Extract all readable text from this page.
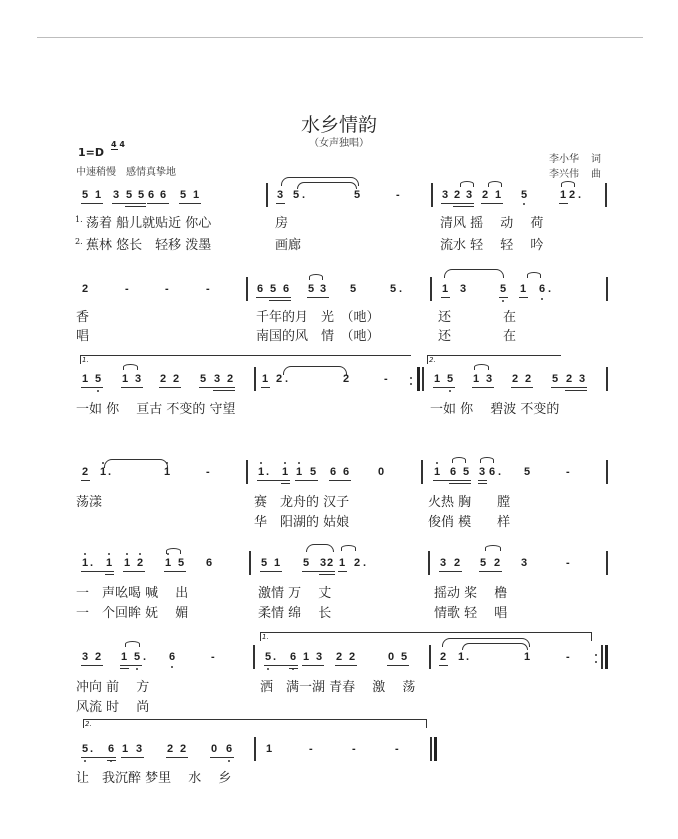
水乡情韵
（女声独唱）
1=D
4 4
中速稍慢　感情真挚地
李小华 词
李兴伟 曲
5 1 3 5 5 6 6 5 1	3 5 .	5	-	3 2 3 2 1 5	1 2 .
1. 荡着 船儿就贴近 你心	房	清风 摇　 动　 荷
2. 蕉林 悠长　轻移 泼墨	画廊	流水 轻　 轻　 吟
2	-	-	-	6 5 6 5 3 5	5 .	1 3	5 1 6 .
香	千年的月　光　（吔）	还　　　　在
唱	南国的风　情　（吔）	还　　　　在
1.	2.
1 5 1 3 2 2 5 3 2	1 2 .	2	-	1 5 1 3 2 2 5 2 3
一如 你　 亘古 不变的 守望	一如 你　 碧波 不变的
2 1 .	1	-	1 . 1 1 5 6 6	0	1 6 5 3 6 . 5	-
荡漾	赛　龙舟的 汉子	火热 胸　　膛
华　阳湖的 姑娘	俊俏 模　　样
1 . 1 1 2 1 5 6	5 1 5 3 2 1 2 .	3 2 5 2 3	-
一　声吆喝 喊　 出	激情 万　 丈	摇动 桨　 橹
一　个回眸 妩　 媚	柔情 绵　 长	情歌 轻　 唱
1.
3 2 1 5 . 6	-	5 . 6 1 3 2 2	0 5	2 1 .	1	-
冲向 前　 方	洒　满一湖 青春　 激　 荡
风流 时　 尚
2.
5 . 6 1 3 2 2 0 6	1	-	-	-
让　我沉醉 梦里　 水　 乡
